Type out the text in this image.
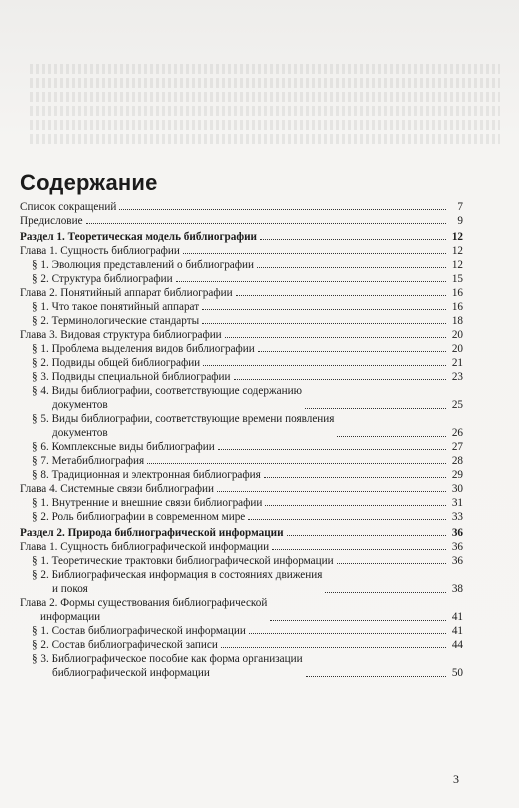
Содержание
Список сокращений	7
Предисловие	9
Раздел 1. Теоретическая модель библиографии	12
Глава 1. Сущность библиографии	12
§ 1. Эволюция представлений о библиографии	12
§ 2. Структура библиографии	15
Глава 2. Понятийный аппарат библиографии	16
§ 1. Что такое понятийный аппарат	16
§ 2. Терминологические стандарты	18
Глава 3. Видовая структура библиографии	20
§ 1. Проблема выделения видов библиографии	20
§ 2. Подвиды общей библиографии	21
§ 3. Подвиды специальной библиографии	23
§ 4. Виды библиографии, соответствующие содержанию
документов	25
§ 5. Виды библиографии, соответствующие времени появления
документов	26
§ 6. Комплексные виды библиографии	27
§ 7. Метабиблиография	28
§ 8. Традиционная и электронная библиография	29
Глава 4. Системные связи библиографии	30
§ 1. Внутренние и внешние связи библиографии	31
§ 2. Роль библиографии в современном мире	33
Раздел 2. Природа библиографической информации	36
Глава 1. Сущность библиографической информации	36
§ 1. Теоретические трактовки библиографической информации	36
§ 2. Библиографическая информация в состояниях движения
и покоя	38
Глава 2. Формы существования библиографической
информации	41
§ 1. Состав библиографической информации	41
§ 2. Состав библиографической записи	44
§ 3. Библиографическое пособие как форма организации
библиографической информации	50
3
